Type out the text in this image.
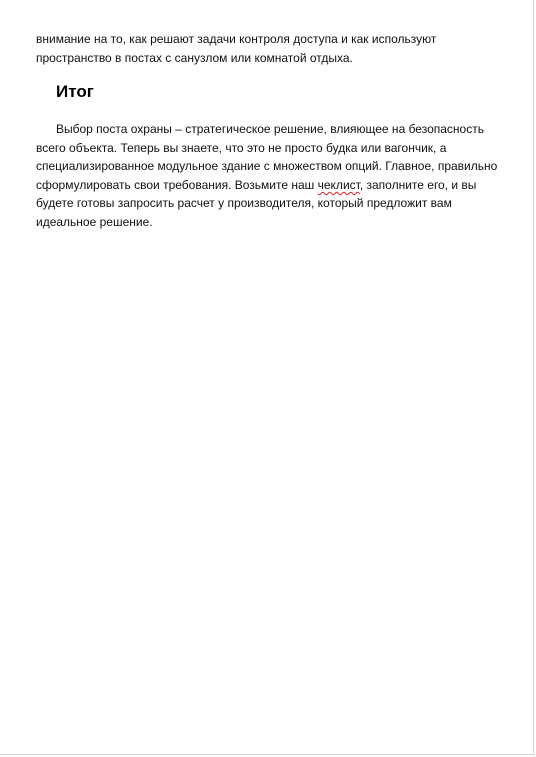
внимание на то, как решают задачи контроля доступа и как используют пространство в постах с санузлом или комнатой отдыха.

Итог

Выбор поста охраны – стратегическое решение, влияющее на безопасность всего объекта. Теперь вы знаете, что это не просто будка или вагончик, а специализированное модульное здание с множеством опций. Главное, правильно сформулировать свои требования. Возьмите наш чеклист, заполните его, и вы будете готовы запросить расчет у производителя, который предложит вам идеальное решение.
